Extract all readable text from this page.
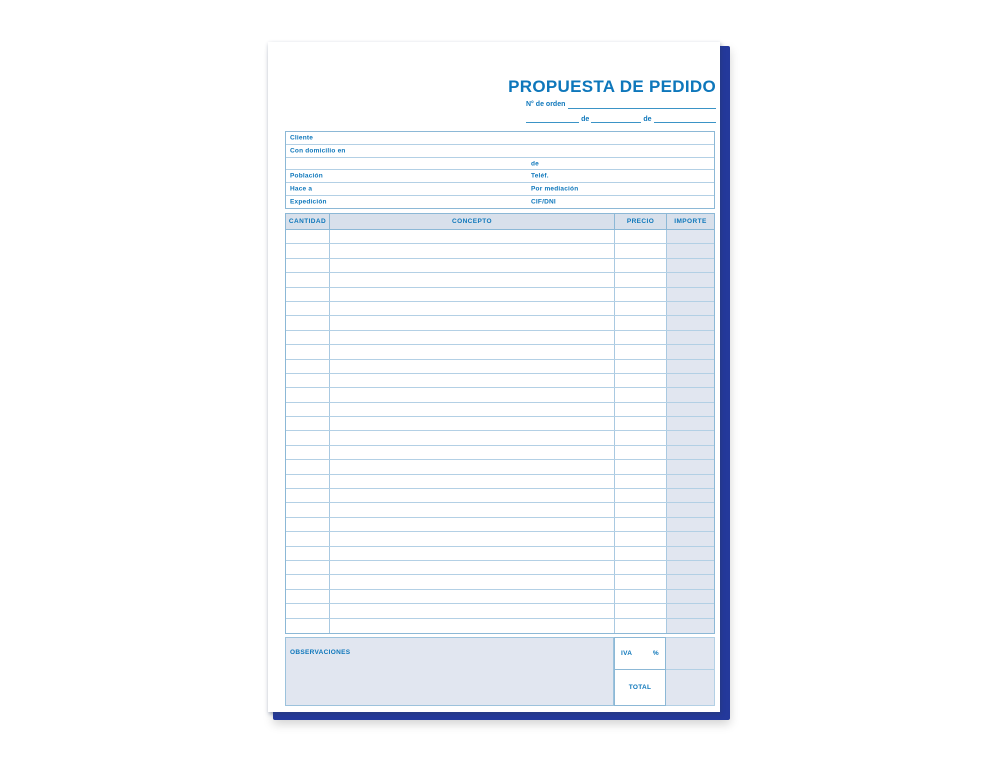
PROPUESTA DE PEDIDO
N° de orden
de	de
Cliente
Con domicilio en
de
Población	Teléf.
Hace a	Por mediación
Expedición	CIF/DNI
CANTIDAD	CONCEPTO	PRECIO	IMPORTE
OBSERVACIONES	IVA	%
TOTAL
